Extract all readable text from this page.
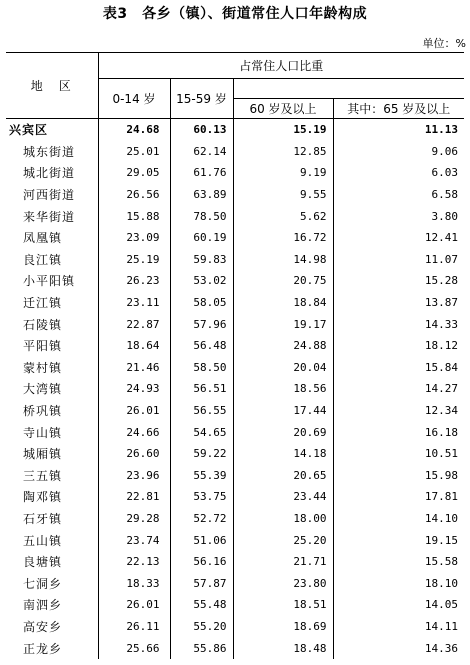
表3　各乡（镇）、街道常住人口年龄构成
单位：%
地　区	占常住人口比重			
	0-14 岁	15-59 岁		
			60 岁及以上	其中：65 岁及以上
兴宾区	24.68	60.13	15.19	11.13
城东街道	25.01	62.14	12.85	9.06
城北街道	29.05	61.76	9.19	6.03
河西街道	26.56	63.89	9.55	6.58
来华街道	15.88	78.50	5.62	3.80
凤凰镇	23.09	60.19	16.72	12.41
良江镇	25.19	59.83	14.98	11.07
小平阳镇	26.23	53.02	20.75	15.28
迁江镇	23.11	58.05	18.84	13.87
石陵镇	22.87	57.96	19.17	14.33
平阳镇	18.64	56.48	24.88	18.12
蒙村镇	21.46	58.50	20.04	15.84
大湾镇	24.93	56.51	18.56	14.27
桥巩镇	26.01	56.55	17.44	12.34
寺山镇	24.66	54.65	20.69	16.18
城厢镇	26.60	59.22	14.18	10.51
三五镇	23.96	55.39	20.65	15.98
陶邓镇	22.81	53.75	23.44	17.81
石牙镇	29.28	52.72	18.00	14.10
五山镇	23.74	51.06	25.20	19.15
良塘镇	22.13	56.16	21.71	15.58
七洞乡	18.33	57.87	23.80	18.10
南泗乡	26.01	55.48	18.51	14.05
高安乡	26.11	55.20	18.69	14.11
正龙乡	25.66	55.86	18.48	14.36
